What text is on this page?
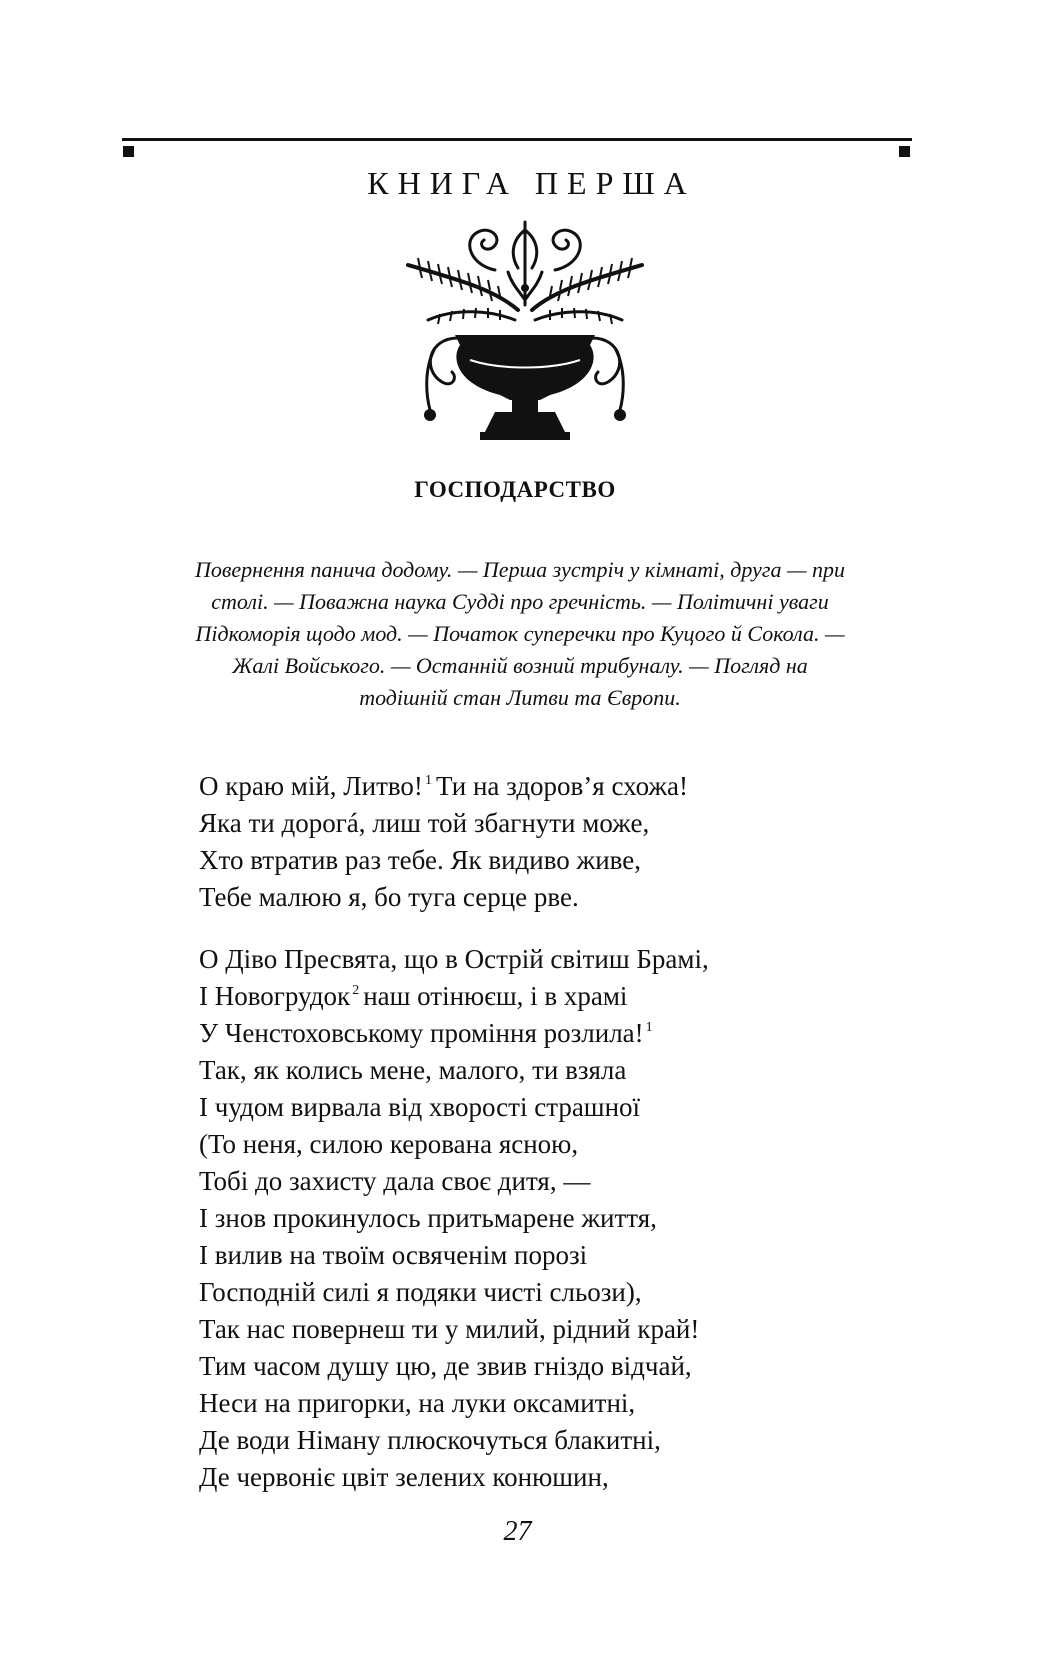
КНИГА ПЕРША
ГОСПОДАРСТВО
Повернення панича додому. — Перша зустріч у кімнаті, друга — при
столі. — Поважна наука Судді про гречність. — Політичні уваги
Підкоморія щодо мод. — Початок суперечки про Куцого й Сокола. —
Жалі Войського. — Останній возний трибуналу. — Погляд на
тодішній стан Литви та Європи.
О краю мій, Литво! $^1$ Ти на здоров’я схожа!
Яка ти дорогá, лиш той збагнути може,
Хто втратив раз тебе. Як видиво живе,
Тебе малюю я, бо туга серце рве.
О Діво Пресвята, що в Острій світиш Брамі,
І Новогрудок $^2$ наш отінюєш, і в храмі
У Ченстоховському проміння розлила! $^1$
Так, як колись мене, малого, ти взяла
І чудом вирвала від хворості страшної
(То неня, силою керована ясною,
Тобі до захисту дала своє дитя, —
І знов прокинулось притьмарене життя,
І вилив на твоїм освяченім порозі
Господній силі я подяки чисті сльози),
Так нас повернеш ти у милий, рідний край!
Тим часом душу цю, де звив гніздо відчай,
Неси на пригорки, на луки оксамитні,
Де води Німану плюскочуться блакитні,
Де червоніє цвіт зелених конюшин,
27
